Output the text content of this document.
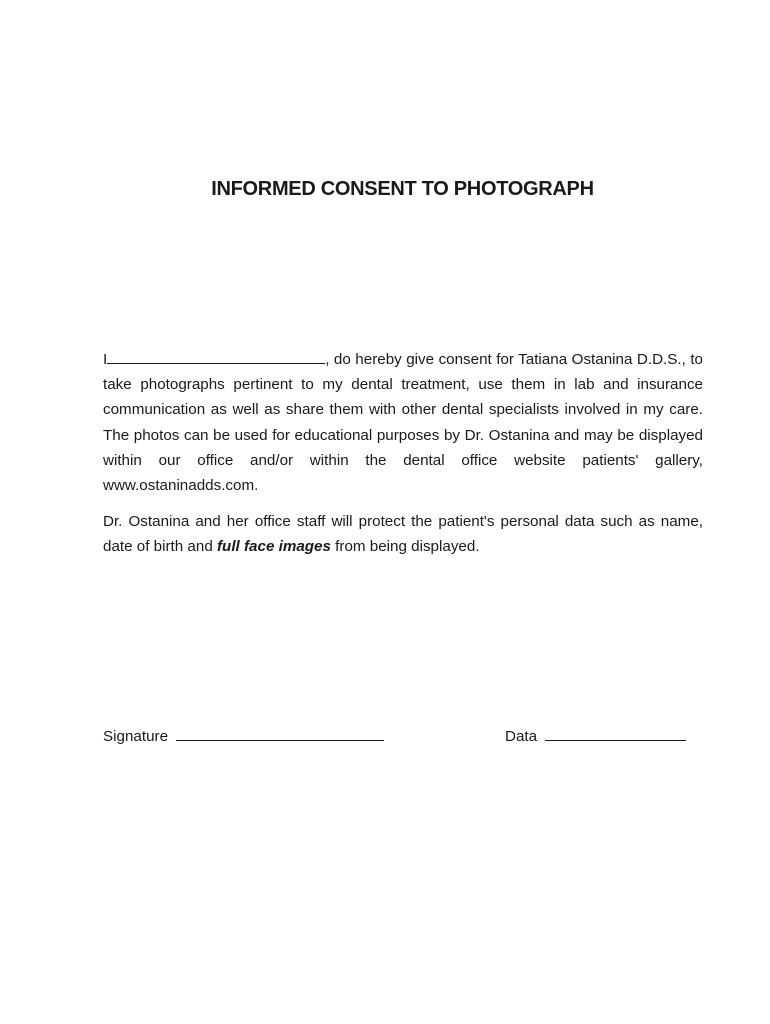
INFORMED CONSENT TO PHOTOGRAPH

I	, do hereby give consent for Tatiana Ostanina D.D.S., to take photographs pertinent to my dental treatment, use them in lab and insurance communication as well as share them with other dental specialists involved in my care. The photos can be used for educational purposes by Dr. Ostanina and may be displayed within our office and/or within the dental office website patients' gallery, www.ostaninadds.com.

Dr. Ostanina and her office staff will protect the patient's personal data such as name, date of birth and full face images from being displayed.

Signature	Data
